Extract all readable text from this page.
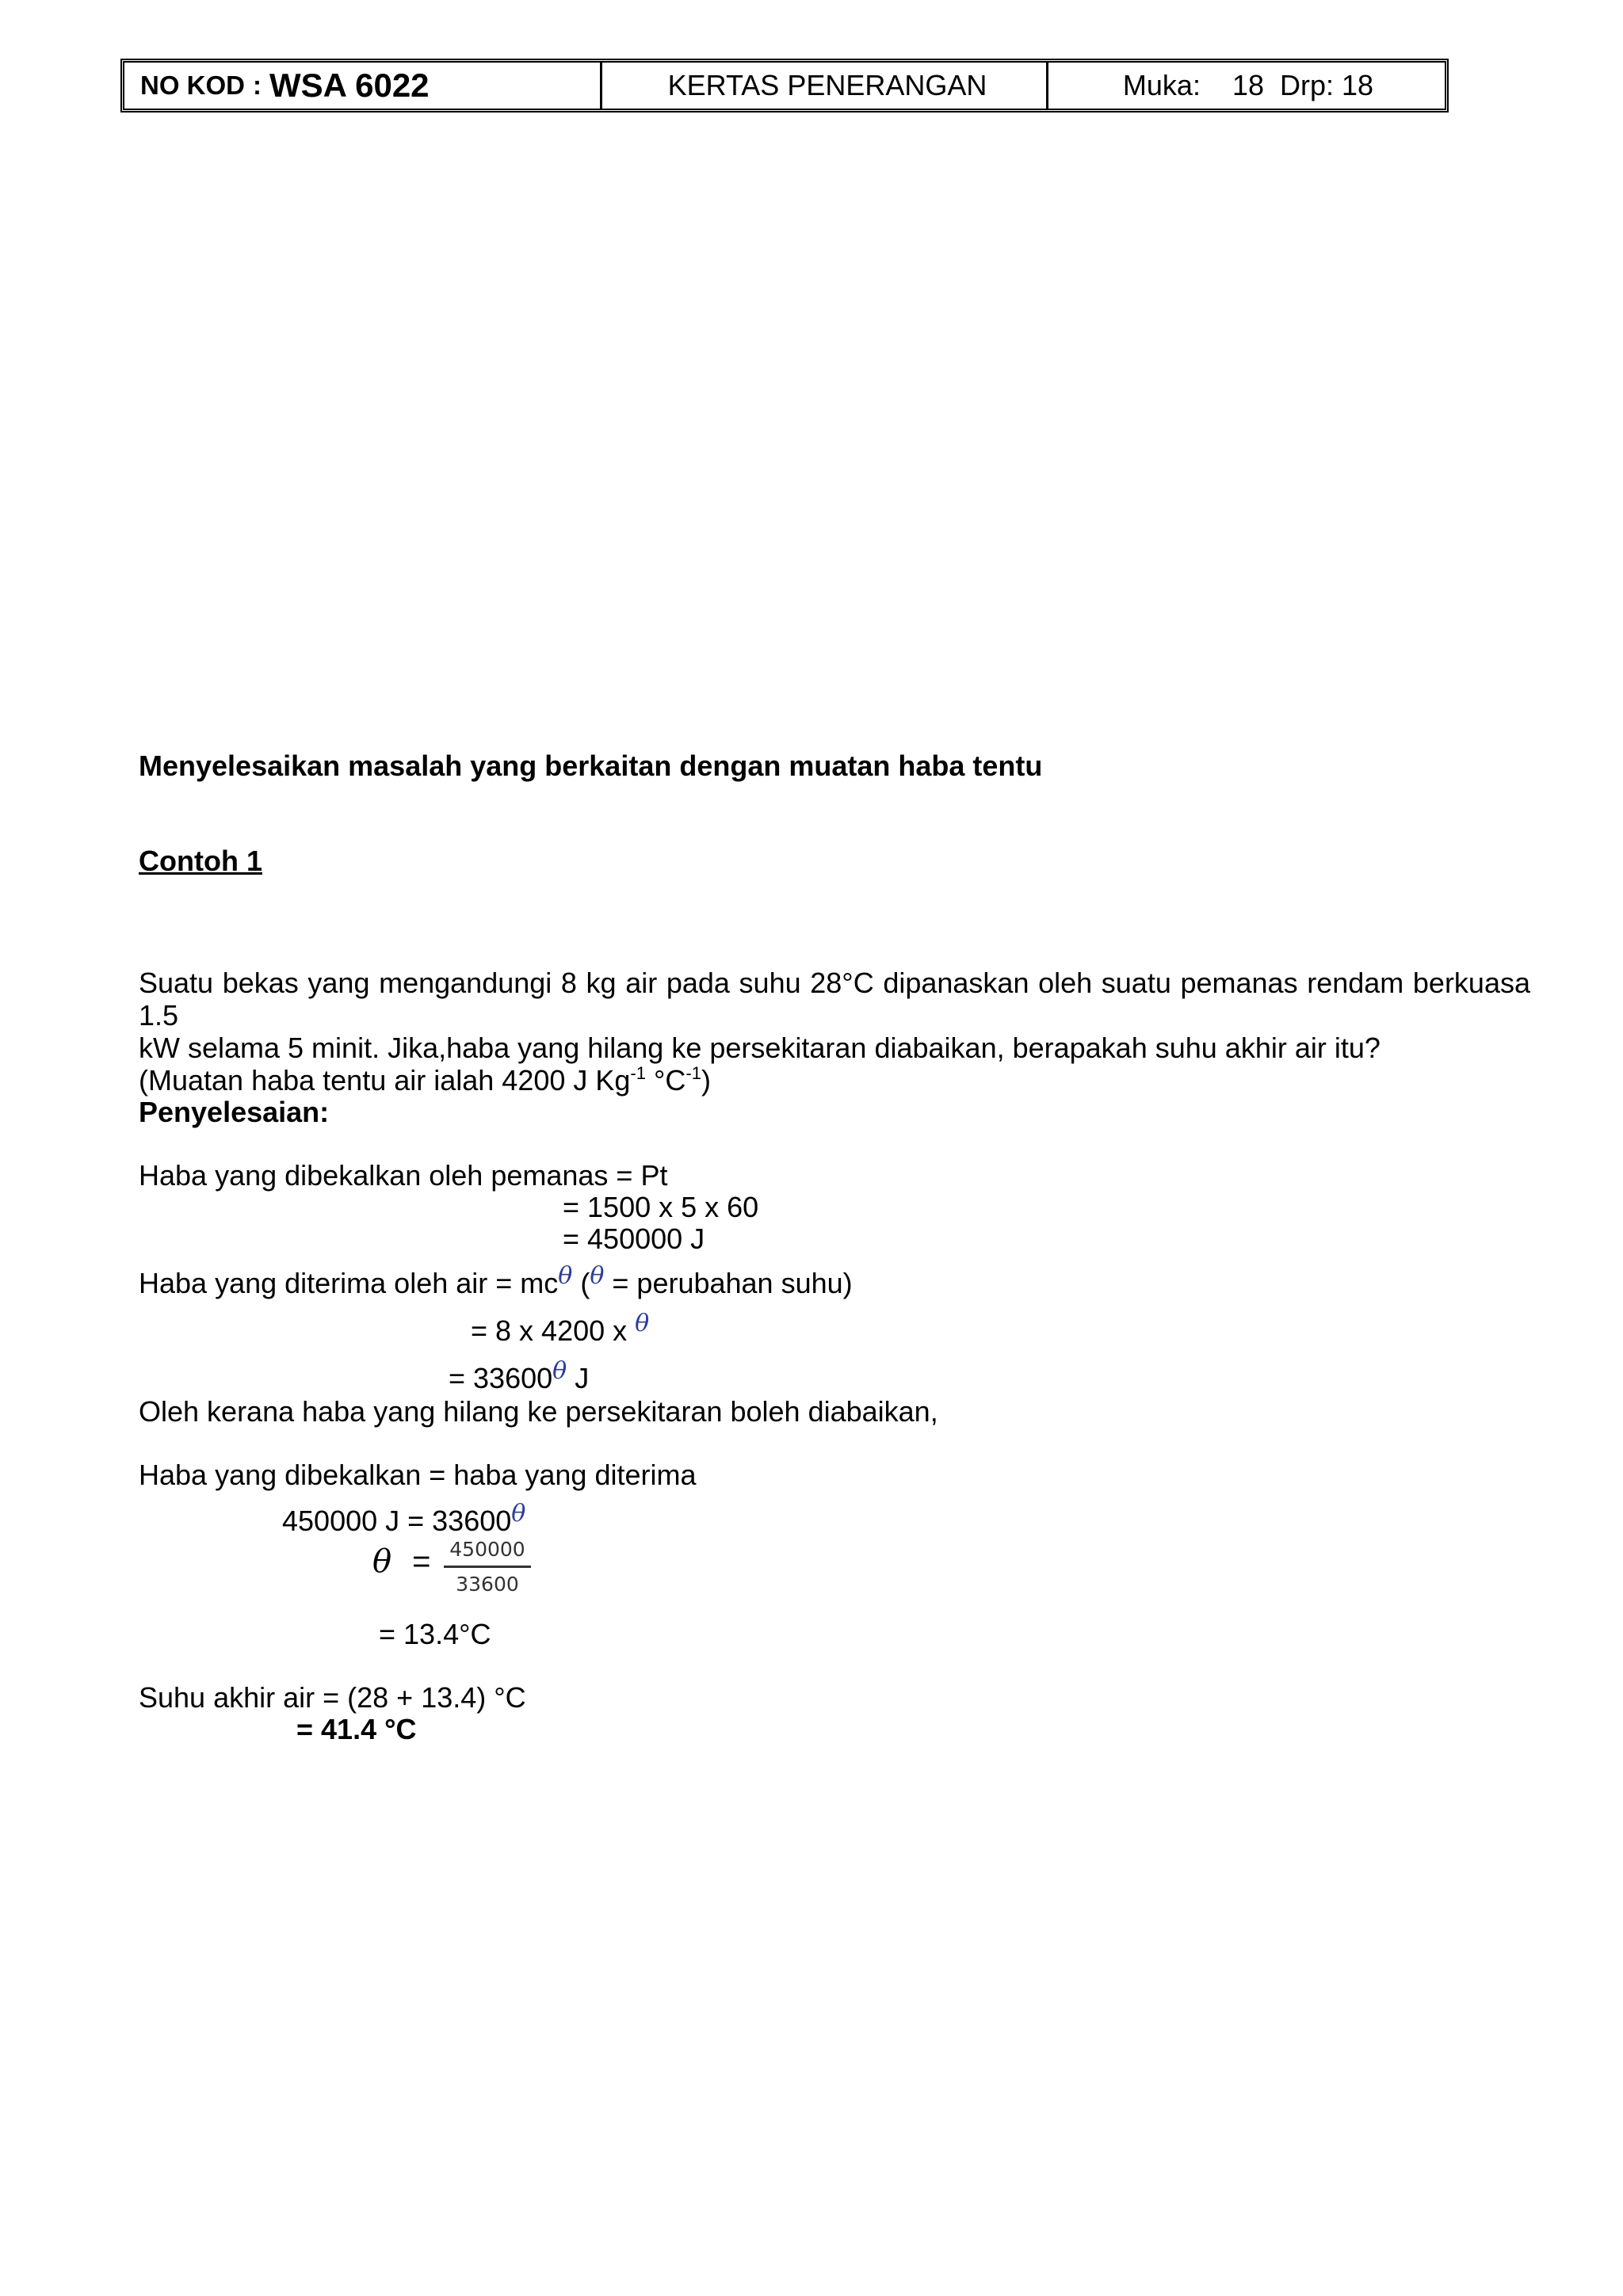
NO KOD : WSA 6022	KERTAS PENERANGAN	Muka: 18 Drp: 18
Menyelesaikan masalah yang berkaitan dengan muatan haba tentu
Contoh 1
Suatu bekas yang mengandungi 8 kg air pada suhu 28°C dipanaskan oleh suatu pemanas rendam berkuasa 1.5
kW selama 5 minit. Jika,haba yang hilang ke persekitaran diabaikan, berapakah suhu akhir air itu?
(Muatan haba tentu air ialah 4200 J $Kg^{-1}$ $^\circ C^{-1}$)
Penyelesaian:
Haba yang dibekalkan oleh pemanas = Pt
= 1500 x 5 x 60
= 450000 J
Haba yang diterima oleh air = $mc^\theta$ ($^\theta$ = perubahan suhu)
= 8 x 4200 x $^\theta$
= $33600^\theta$ J
Oleh kerana haba yang hilang ke persekitaran boleh diabaikan,
Haba yang dibekalkan = haba yang diterima
450000 $J = 33600^\theta$
θ = 450000
33600
= 13.4°C
Suhu akhir air = (28 + 13.4) °C
= 41.4 °C
